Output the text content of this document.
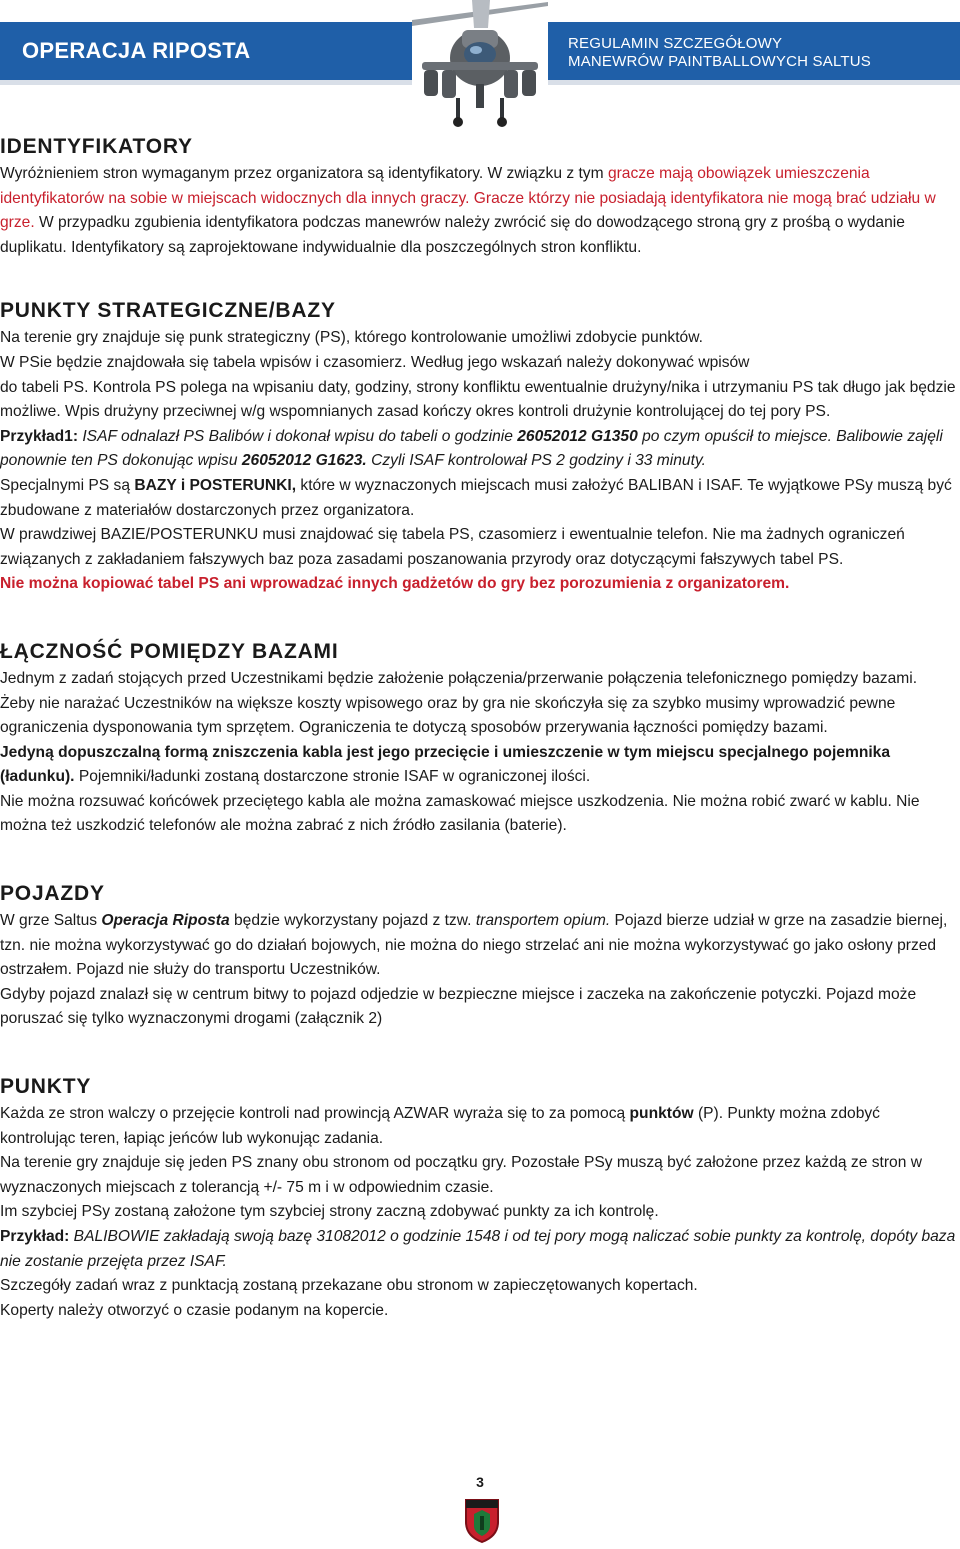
OPERACJA RIPOSTA	REGULAMIN SZCZEGÓŁOWY
MANEWRÓW PAINTBALLOWYCH SALTUS
IDENTYFIKATORY

Wyróżnieniem stron wymaganym przez organizatora są identyfikatory. W związku z tym gracze mają obowiązek umieszczenia identyfikatorów na sobie w miejscach widocznych dla innych graczy. Gracze którzy nie posiadają identyfikatora nie mogą brać udziału w grze. W przypadku zgubienia identyfikatora podczas manewrów należy zwrócić się do dowodzącego stroną gry z prośbą o wydanie duplikatu. Identyfikatory są zaprojektowane indywidualnie dla poszczególnych stron konfliktu.

PUNKTY STRATEGICZNE/BAZY

Na terenie gry znajduje się punk strategiczny (PS), którego kontrolowanie umożliwi zdobycie punktów.

W PSie będzie znajdowała się tabela wpisów i czasomierz. Według jego wskazań należy dokonywać wpisów

do tabeli PS. Kontrola PS polega na wpisaniu daty, godziny, strony konfliktu ewentualnie drużyny/nika i utrzymaniu PS tak długo jak będzie możliwe. Wpis drużyny przeciwnej w/g wspomnianych zasad kończy okres kontroli drużynie kontrolującej do tej pory PS.

Przykład1: ISAF odnalazł PS Balibów i dokonał wpisu do tabeli o godzinie 26052012 G1350 po czym opuścił to miejsce. Balibowie zajęli ponownie ten PS dokonując wpisu 26052012 G1623. Czyli ISAF kontrolował PS 2 godziny i 33 minuty.

Specjalnymi PS są BAZY i POSTERUNKI, które w wyznaczonych miejscach musi założyć BALIBAN i ISAF. Te wyjątkowe PSy muszą być zbudowane z materiałów dostarczonych przez organizatora.

W prawdziwej BAZIE/POSTERUNKU musi znajdować się tabela PS, czasomierz i ewentualnie telefon. Nie ma żadnych ograniczeń związanych z zakładaniem fałszywych baz poza zasadami poszanowania przyrody oraz dotyczącymi fałszywych tabel PS.

Nie można kopiować tabel PS ani wprowadzać innych gadżetów do gry bez porozumienia z organizatorem.

ŁĄCZNOŚĆ POMIĘDZY BAZAMI

Jednym z zadań stojących przed Uczestnikami będzie założenie połączenia/przerwanie połączenia telefonicznego pomiędzy bazami. Żeby nie narażać Uczestników na większe koszty wpisowego oraz by gra nie skończyła się za szybko musimy wprowadzić pewne ograniczenia dysponowania tym sprzętem. Ograniczenia te dotyczą sposobów przerywania łączności pomiędzy bazami.

Jedyną dopuszczalną formą zniszczenia kabla jest jego przecięcie i umieszczenie w tym miejscu specjalnego pojemnika (ładunku). Pojemniki/ładunki zostaną dostarczone stronie ISAF w ograniczonej ilości.

Nie można rozsuwać końcówek przeciętego kabla ale można zamaskować miejsce uszkodzenia. Nie można robić zwarć w kablu. Nie można też uszkodzić telefonów ale można zabrać z nich źródło zasilania (baterie).

POJAZDY

W grze Saltus Operacja Riposta będzie wykorzystany pojazd z tzw. transportem opium. Pojazd bierze udział w grze na zasadzie biernej, tzn. nie można wykorzystywać go do działań bojowych, nie można do niego strzelać ani nie można wykorzystywać go jako osłony przed ostrzałem. Pojazd nie służy do transportu Uczestników.

Gdyby pojazd znalazł się w centrum bitwy to pojazd odjedzie w bezpieczne miejsce i zaczeka na zakończenie potyczki. Pojazd może poruszać się tylko wyznaczonymi drogami (załącznik 2)

PUNKTY

Każda ze stron walczy o przejęcie kontroli nad prowincją AZWAR wyraża się to za pomocą punktów (P). Punkty można zdobyć kontrolując teren, łapiąc jeńców lub wykonując zadania.

Na terenie gry znajduje się jeden PS znany obu stronom od początku gry. Pozostałe PSy muszą być założone przez każdą ze stron w wyznaczonych miejscach z tolerancją +/- 75 m i w odpowiednim czasie.

Im szybciej PSy zostaną założone tym szybciej strony zaczną zdobywać punkty za ich kontrolę.

Przykład: BALIBOWIE zakładają swoją bazę 31082012 o godzinie 1548 i od tej pory mogą naliczać sobie punkty za kontrolę, dopóty baza nie zostanie przejęta przez ISAF.

Szczegóły zadań wraz z punktacją zostaną przekazane obu stronom w zapieczętowanych kopertach.

Koperty należy otworzyć o czasie podanym na kopercie.

3
